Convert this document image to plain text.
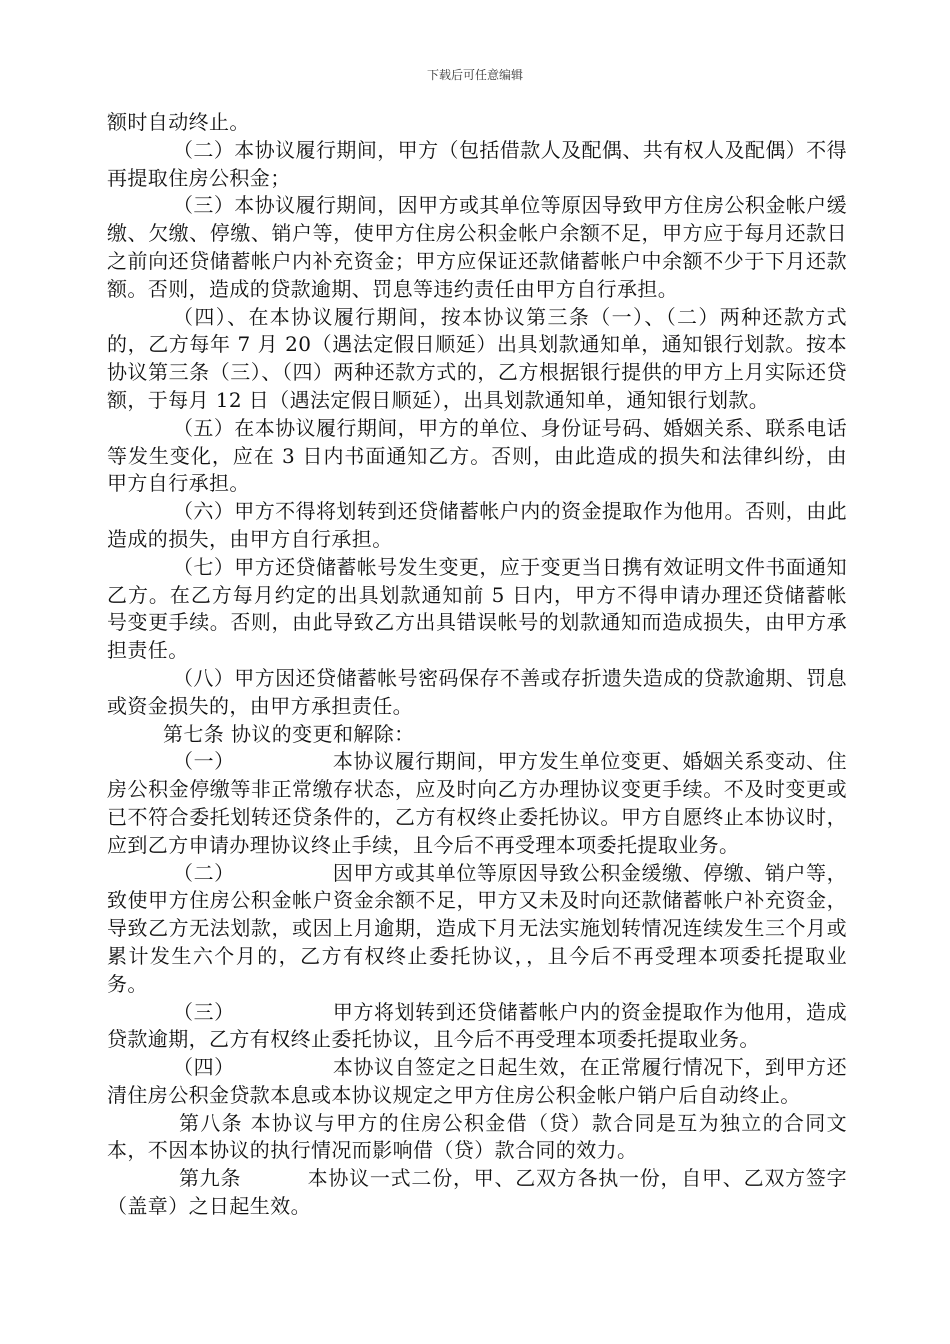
下载后可任意编辑

额时自动终止。

（二）本协议履行期间，甲方（包括借款人及配偶、共有权人及配偶）不得再提取住房公积金；

（三）本协议履行期间，因甲方或其单位等原因导致甲方住房公积金帐户缓缴、欠缴、停缴、销户等，使甲方住房公积金帐户余额不足，甲方应于每月还款日之前向还贷储蓄帐户内补充资金；甲方应保证还款储蓄帐户中余额不少于下月还款额。否则，造成的贷款逾期、罚息等违约责任由甲方自行承担。

（四）、在本协议履行期间，按本协议第三条（一）、（二）两种还款方式的，乙方每年 7 月 20（遇法定假日顺延）出具划款通知单，通知银行划款。按本协议第三条（三）、（四）两种还款方式的，乙方根据银行提供的甲方上月实际还贷额，于每月 12 日（遇法定假日顺延），出具划款通知单，通知银行划款。

（五）在本协议履行期间，甲方的单位、身份证号码、婚姻关系、联系电话等发生变化，应在 3 日内书面通知乙方。否则，由此造成的损失和法律纠纷，由甲方自行承担。

（六）甲方不得将划转到还贷储蓄帐户内的资金提取作为他用。否则，由此造成的损失，由甲方自行承担。

（七）甲方还贷储蓄帐号发生变更，应于变更当日携有效证明文件书面通知乙方。在乙方每月约定的出具划款通知前 5 日内，甲方不得申请办理还贷储蓄帐号变更手续。否则，由此导致乙方出具错误帐号的划款通知而造成损失，由甲方承担责任。

（八）甲方因还贷储蓄帐号密码保存不善或存折遗失造成的贷款逾期、罚息或资金损失的，由甲方承担责任。

第七条 协议的变更和解除：

（一）	本协议履行期间，甲方发生单位变更、婚姻关系变动、住房公积金停缴等非正常缴存状态，应及时向乙方办理协议变更手续。不及时变更或已不符合委托划转还贷条件的，乙方有权终止委托协议。甲方自愿终止本协议时，应到乙方申请办理协议终止手续，且今后不再受理本项委托提取业务。

（二）	因甲方或其单位等原因导致公积金缓缴、停缴、销户等，致使甲方住房公积金帐户资金余额不足，甲方又未及时向还款储蓄帐户补充资金，导致乙方无法划款，或因上月逾期，造成下月无法实施划转情况连续发生三个月或累计发生六个月的，乙方有权终止委托协议，，且今后不再受理本项委托提取业务。

（三）	甲方将划转到还贷储蓄帐户内的资金提取作为他用，造成贷款逾期，乙方有权终止委托协议，且今后不再受理本项委托提取业务。

（四）	本协议自签定之日起生效，在正常履行情况下，到甲方还清住房公积金贷款本息或本协议规定之甲方住房公积金帐户销户后自动终止。

第八条 本协议与甲方的住房公积金借（贷）款合同是互为独立的合同文本，不因本协议的执行情况而影响借（贷）款合同的效力。

第九条	本协议一式二份，甲、乙双方各执一份，自甲、乙双方签字（盖章）之日起生效。
